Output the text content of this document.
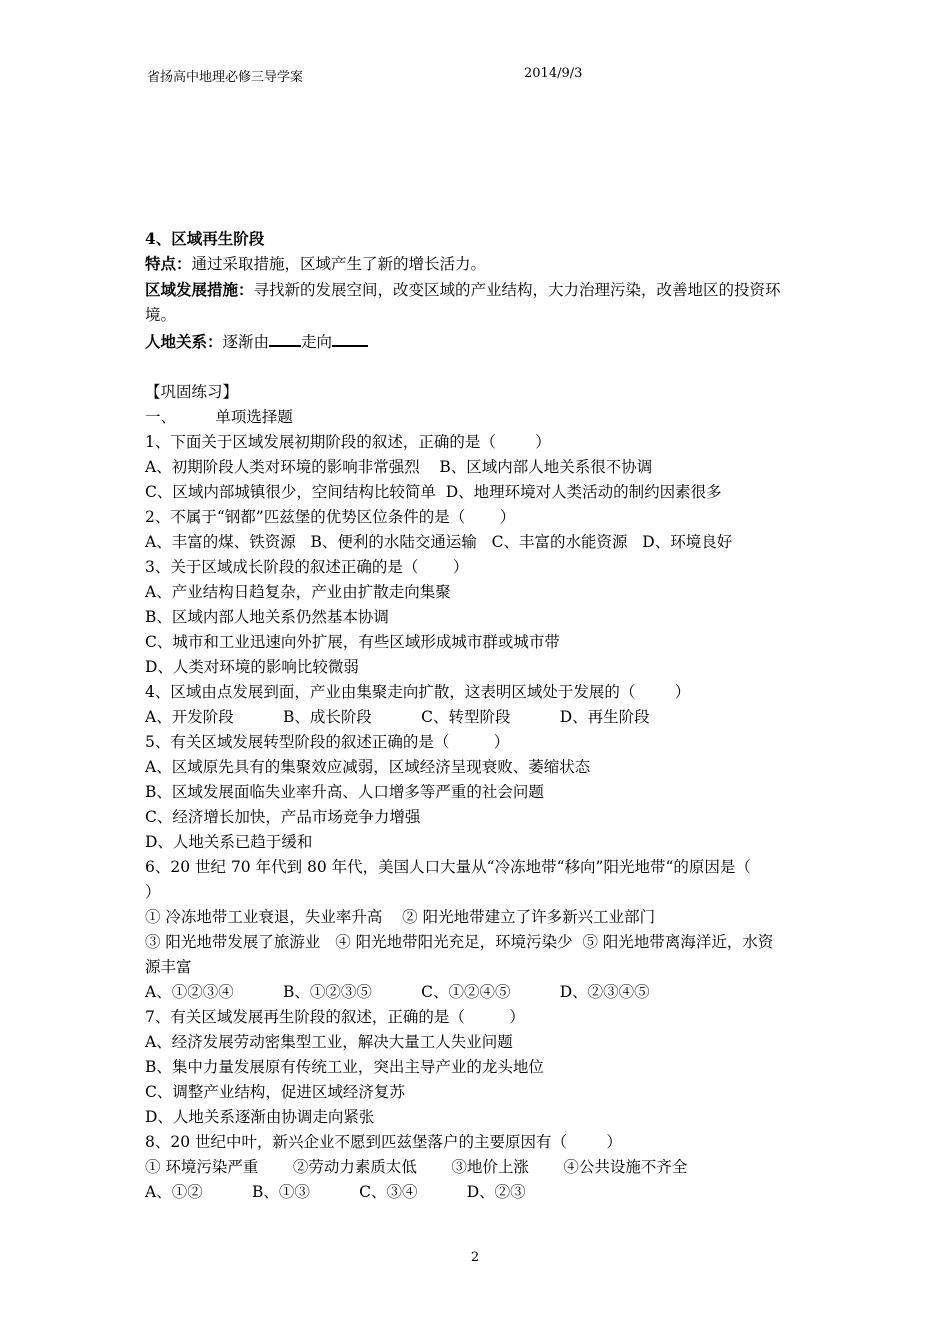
省扬高中地理必修三导学案	2014/9/3

4、区域再生阶段

特点：通过采取措施，区域产生了新的增长活力。

区域发展措施：寻找新的发展空间，改变区域的产业结构，大力治理污染，改善地区的投资环境。

人地关系：逐渐由 走向

【巩固练习】

一、        单项选择题

1、下面关于区域发展初期阶段的叙述，正确的是（        ）

A、初期阶段人类对环境的影响非常强烈    B、区域内部人地关系很不协调

C、区域内部城镇很少，空间结构比较简单  D、地理环境对人类活动的制约因素很多

2、不属于“钢都”匹兹堡的优势区位条件的是（       ）

A、丰富的煤、铁资源   B、便利的水陆交通运输   C、丰富的水能资源   D、环境良好

3、关于区域成长阶段的叙述正确的是（       ）

A、产业结构日趋复杂，产业由扩散走向集聚

B、区域内部人地关系仍然基本协调

C、城市和工业迅速向外扩展，有些区域形成城市群或城市带

D、人类对环境的影响比较微弱

4、区域由点发展到面，产业由集聚走向扩散，这表明区域处于发展的（        ）

A、开发阶段          B、成长阶段          C、转型阶段          D、再生阶段

5、有关区域发展转型阶段的叙述正确的是（         ）

A、区域原先具有的集聚效应减弱，区域经济呈现衰败、萎缩状态

B、区域发展面临失业率升高、人口增多等严重的社会问题

C、经济增长加快，产品市场竞争力增强

D、人地关系已趋于缓和

6、20 世纪 70 年代到 80 年代，美国人口大量从“冷冻地带“移向”阳光地带“的原因是（

）

① 冷冻地带工业衰退，失业率升高    ② 阳光地带建立了许多新兴工业部门

③ 阳光地带发展了旅游业   ④ 阳光地带阳光充足，环境污染少  ⑤ 阳光地带离海洋近，水资

源丰富

A、①②③④          B、①②③⑤          C、①②④⑤          D、②③④⑤

7、有关区域发展再生阶段的叙述，正确的是（         ）

A、经济发展劳动密集型工业，解决大量工人失业问题

B、集中力量发展原有传统工业，突出主导产业的龙头地位

C、调整产业结构，促进区域经济复苏

D、人地关系逐渐由协调走向紧张

8、20 世纪中叶，新兴企业不愿到匹兹堡落户的主要原因有（        ）

① 环境污染严重       ②劳动力素质太低       ③地价上涨       ④公共设施不齐全

A、①②          B、①③          C、③④          D、②③

2
